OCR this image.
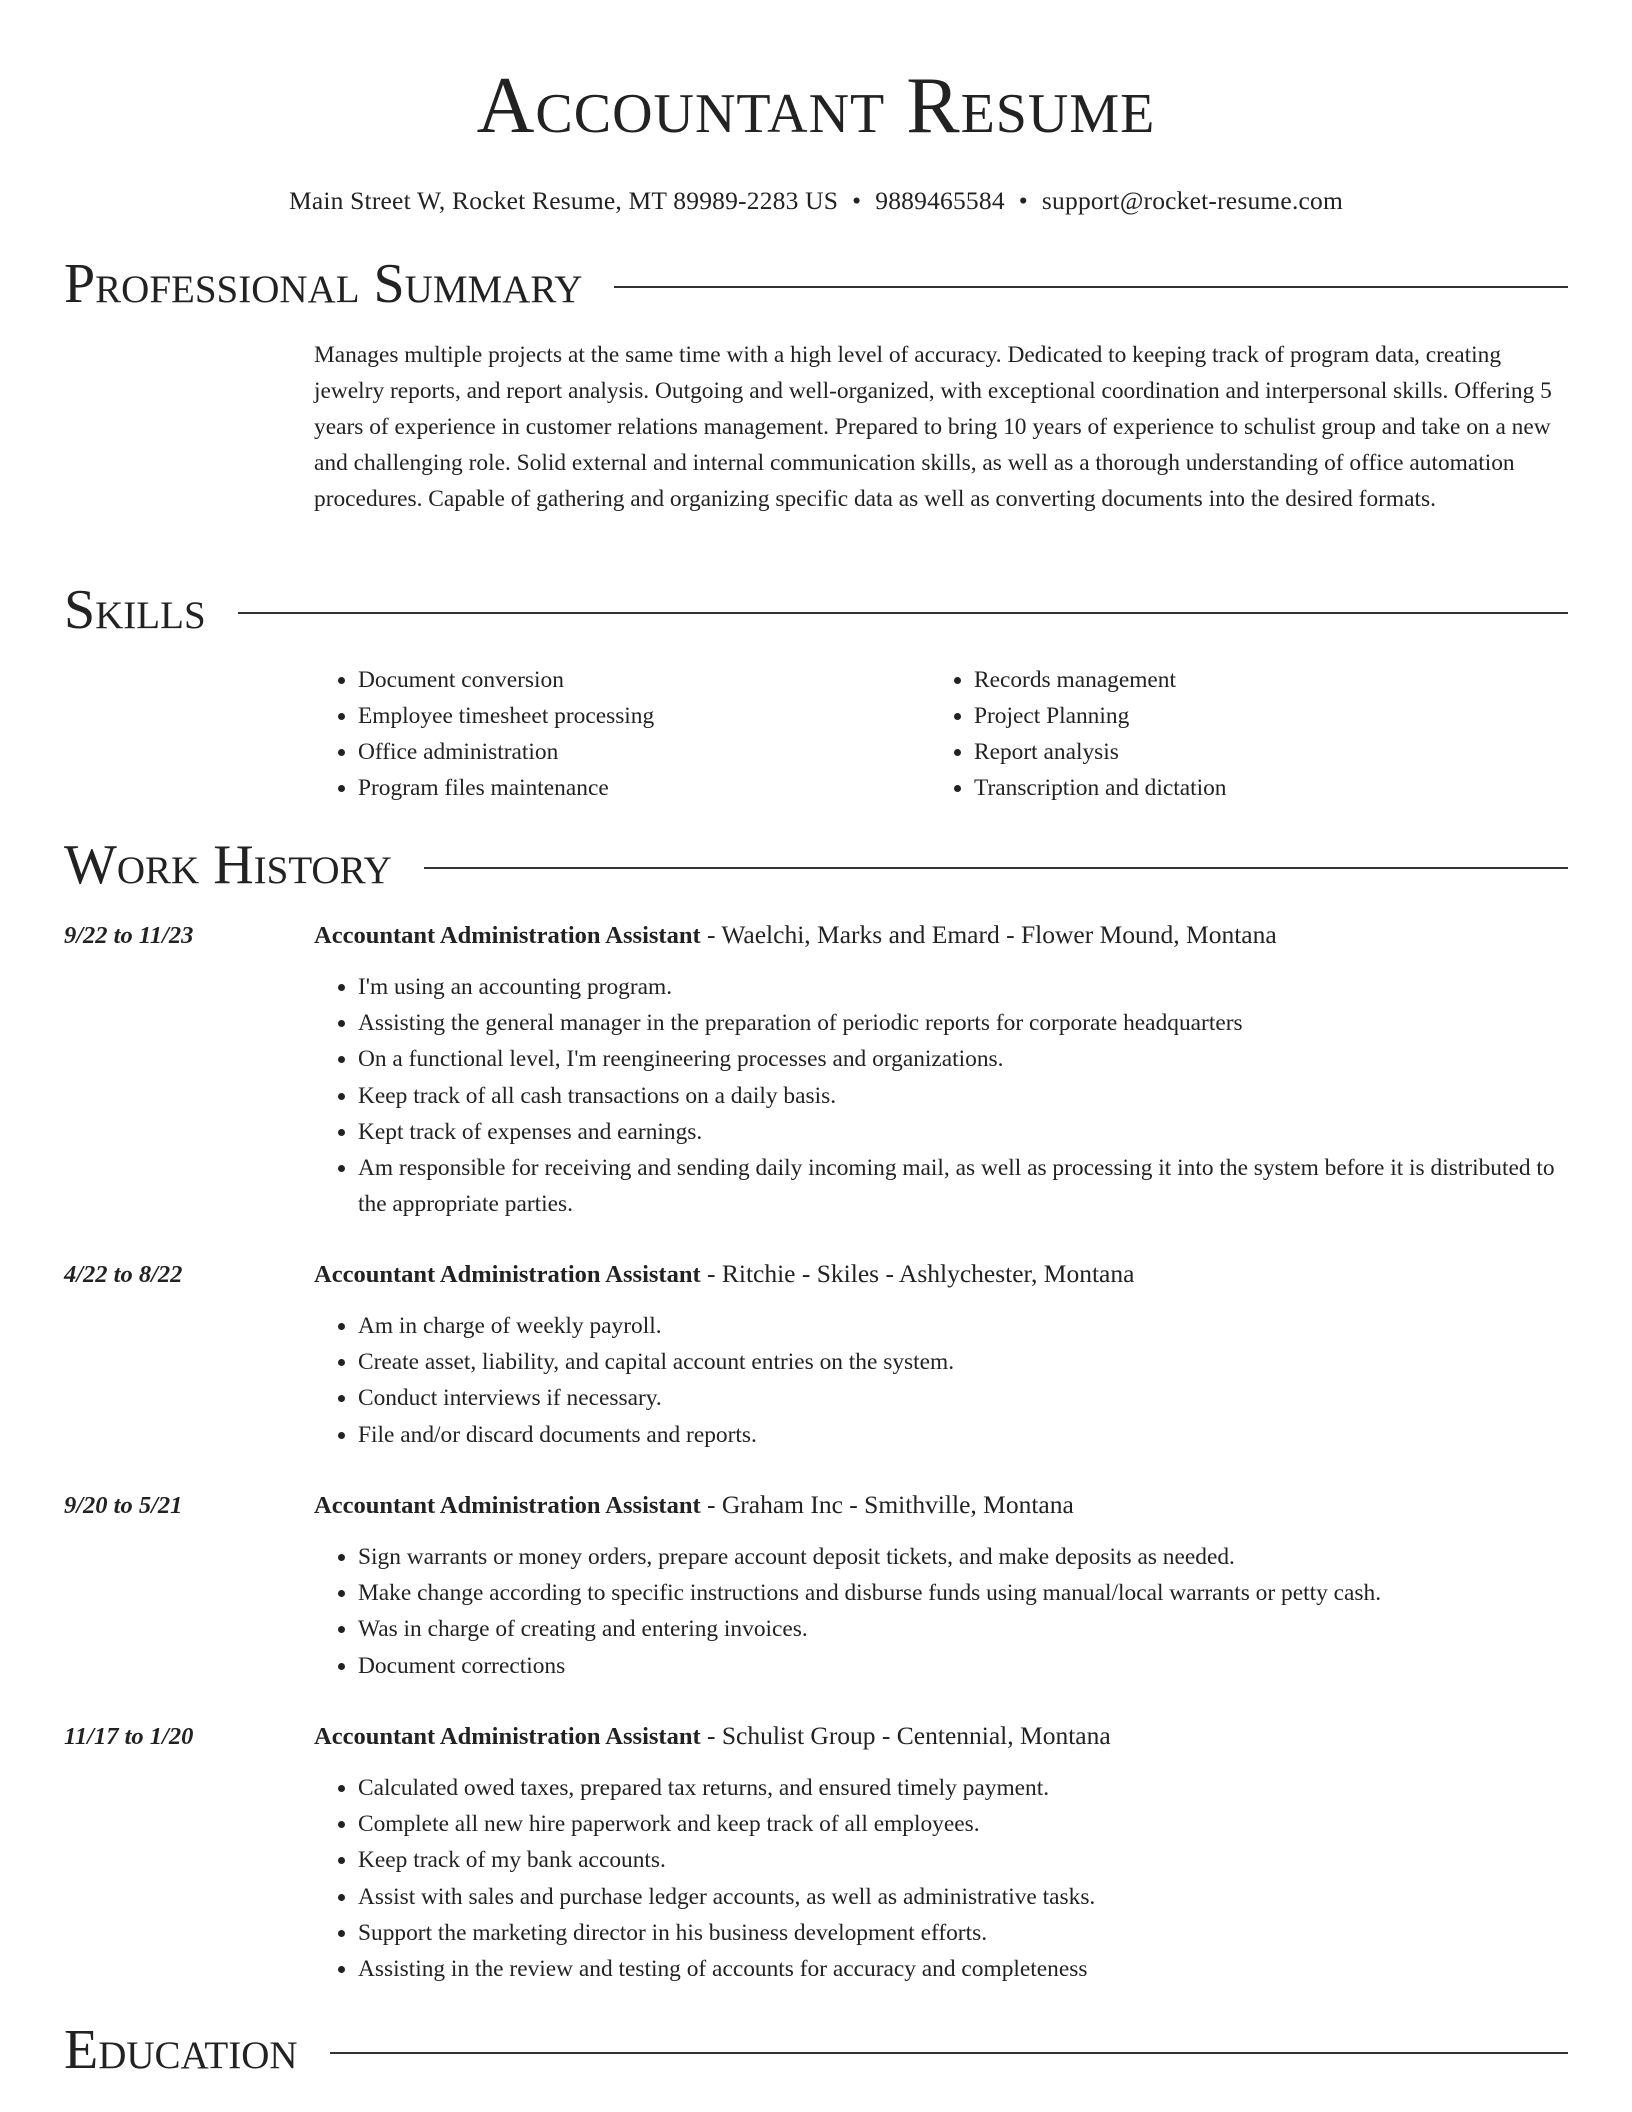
Accountant Resume
Main Street W, Rocket Resume, MT 89989-2283 US • 9889465584 • support@rocket-resume.com
Professional Summary

Manages multiple projects at the same time with a high level of accuracy. Dedicated to keeping track of program data, creating jewelry reports, and report analysis. Outgoing and well-organized, with exceptional coordination and interpersonal skills. Offering 5 years of experience in customer relations management. Prepared to bring 10 years of experience to schulist group and take on a new and challenging role. Solid external and internal communication skills, as well as a thorough understanding of office automation procedures. Capable of gathering and organizing specific data as well as converting documents into the desired formats.

Skills
• Document conversion
• Employee timesheet processing
• Office administration
• Program files maintenance
• Records management
• Project Planning
• Report analysis
• Transcription and dictation
Work History
9/22 to 11/23	Accountant Administration Assistant - Waelchi, Marks and Emard - Flower Mound, Montana
• I'm using an accounting program.
• Assisting the general manager in the preparation of periodic reports for corporate headquarters
• On a functional level, I'm reengineering processes and organizations.
• Keep track of all cash transactions on a daily basis.
• Kept track of expenses and earnings.
• Am responsible for receiving and sending daily incoming mail, as well as processing it into the system before it is distributed to the appropriate parties.
4/22 to 8/22	Accountant Administration Assistant - Ritchie - Skiles - Ashlychester, Montana
• Am in charge of weekly payroll.
• Create asset, liability, and capital account entries on the system.
• Conduct interviews if necessary.
• File and/or discard documents and reports.
9/20 to 5/21	Accountant Administration Assistant - Graham Inc - Smithville, Montana
• Sign warrants or money orders, prepare account deposit tickets, and make deposits as needed.
• Make change according to specific instructions and disburse funds using manual/local warrants or petty cash.
• Was in charge of creating and entering invoices.
• Document corrections
11/17 to 1/20	Accountant Administration Assistant - Schulist Group - Centennial, Montana
• Calculated owed taxes, prepared tax returns, and ensured timely payment.
• Complete all new hire paperwork and keep track of all employees.
• Keep track of my bank accounts.
• Assist with sales and purchase ledger accounts, as well as administrative tasks.
• Support the marketing director in his business development efforts.
• Assisting in the review and testing of accounts for accuracy and completeness
Education
